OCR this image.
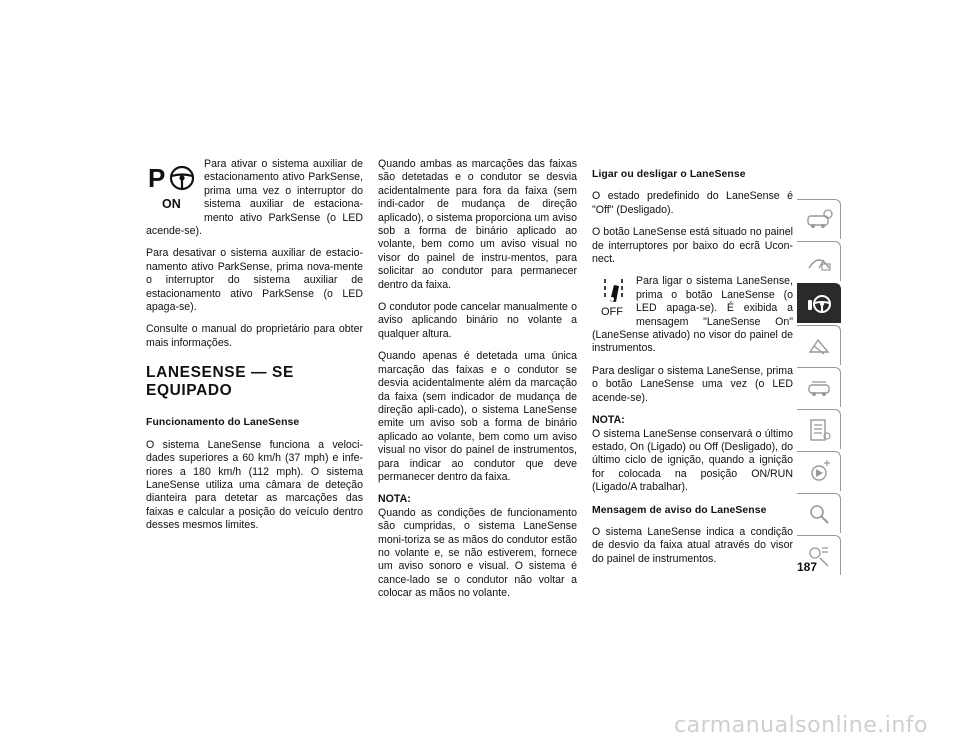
P
ON

Para ativar o sistema auxiliar de estacionamento ativo ParkSense, prima uma vez o interruptor do sistema auxiliar de estaciona-mento ativo ParkSense (o LED acende-se).

Para desativar o sistema auxiliar de estacio-namento ativo ParkSense, prima nova-mente o interruptor do sistema auxiliar de estacionamento ativo ParkSense (o LED apaga-se).

Consulte o manual do proprietário para obter mais informações.

LANESENSE — SE EQUIPADO
Funcionamento do LaneSense

O sistema LaneSense funciona a veloci-dades superiores a 60 km/h (37 mph) e infe-riores a 180 km/h (112 mph). O sistema LaneSense utiliza uma câmara de deteção dianteira para detetar as marcações das faixas e calcular a posição do veículo dentro desses mesmos limites.

Quando ambas as marcações das faixas são detetadas e o condutor se desvia acidentalmente para fora da faixa (sem indi-cador de mudança de direção aplicado), o sistema proporciona um aviso sob a forma de binário aplicado ao volante, bem como um aviso visual no visor do painel de instru-mentos, para solicitar ao condutor para permanecer dentro da faixa.

O condutor pode cancelar manualmente o aviso aplicando binário no volante a qualquer altura.

Quando apenas é detetada uma única marcação das faixas e o condutor se desvia acidentalmente além da marcação da faixa (sem indicador de mudança de direção apli-cado), o sistema LaneSense emite um aviso sob a forma de binário aplicado ao volante, bem como um aviso visual no visor do painel de instrumentos, para indicar ao condutor que deve permanecer dentro da faixa.

NOTA:

Quando as condições de funcionamento são cumpridas, o sistema LaneSense moni-toriza se as mãos do condutor estão no volante e, se não estiverem, fornece um aviso sonoro e visual. O sistema é cance-lado se o condutor não voltar a colocar as mãos no volante.

Ligar ou desligar o LaneSense

O estado predefinido do LaneSense é "Off" (Desligado).

O botão LaneSense está situado no painel de interruptores por baixo do ecrã Ucon-nect.

OFF

Para ligar o sistema LaneSense, prima o botão LaneSense (o LED apaga-se). É exibida a mensagem "LaneSense On" (LaneSense ativado) no visor do painel de instrumentos.

Para desligar o sistema LaneSense, prima o botão LaneSense uma vez (o LED acende-se).

NOTA:

O sistema LaneSense conservará o último estado, On (Ligado) ou Off (Desligado), do último ciclo de ignição, quando a ignição for colocada na posição ON/RUN (Ligado/A trabalhar).

Mensagem de aviso do LaneSense

O sistema LaneSense indica a condição de desvio da faixa atual através do visor do painel de instrumentos.

187
carmanualsonline.info
